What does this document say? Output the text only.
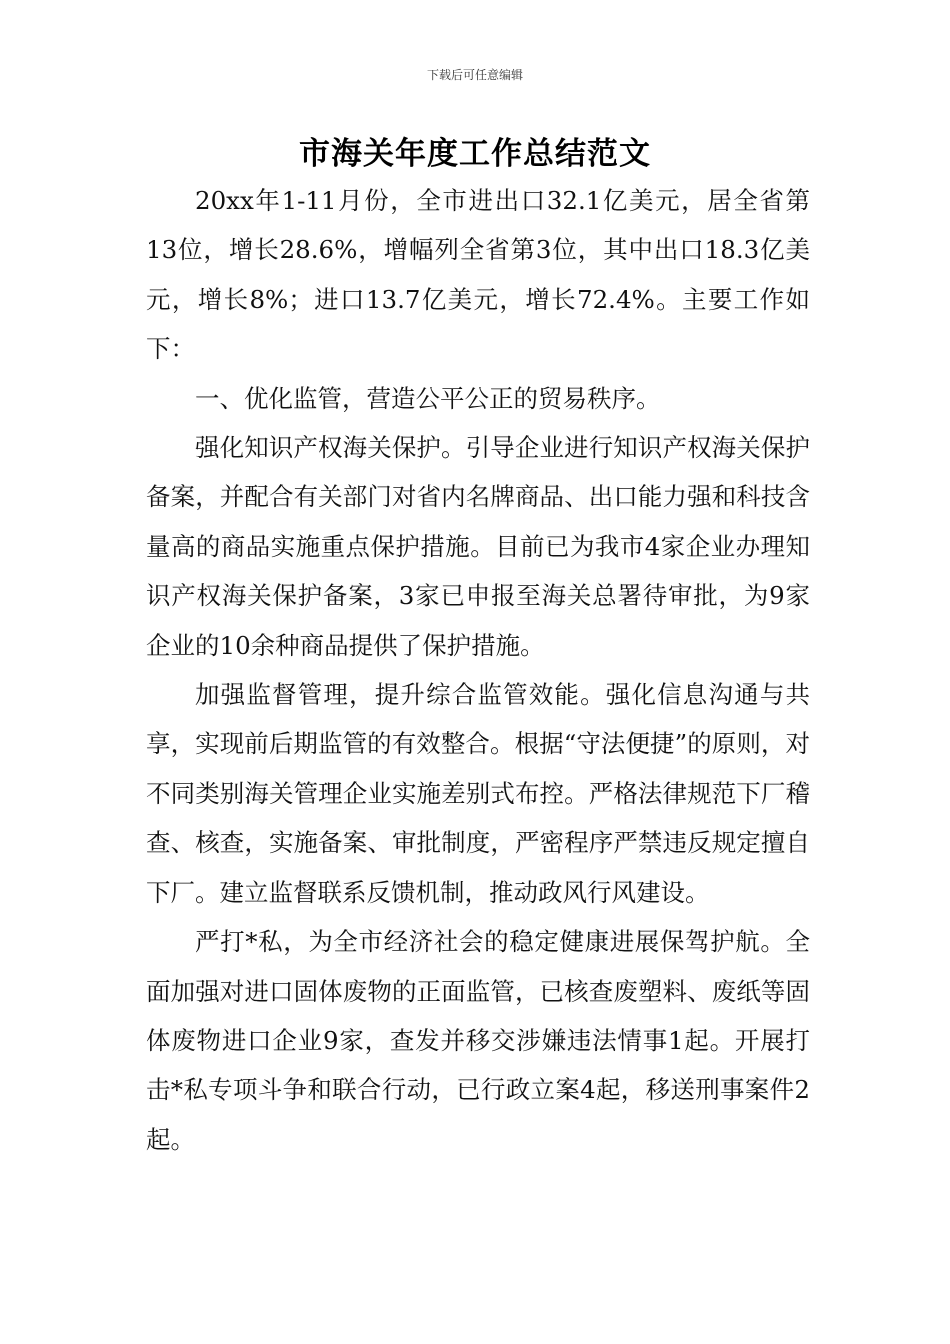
下载后可任意编辑
市海关年度工作总结范文

20xx年1-11月份，全市进出口32.1亿美元，居全省第13位，增长28.6%，增幅列全省第3位，其中出口18.3亿美元，增长8%；进口13.7亿美元，增长72.4%。主要工作如下：

一、优化监管，营造公平公正的贸易秩序。

强化知识产权海关保护。引导企业进行知识产权海关保护备案，并配合有关部门对省内名牌商品、出口能力强和科技含量高的商品实施重点保护措施。目前已为我市4家企业办理知识产权海关保护备案，3家已申报至海关总署待审批，为9家企业的10余种商品提供了保护措施。

加强监督管理，提升综合监管效能。强化信息沟通与共享，实现前后期监管的有效整合。根据“守法便捷”的原则，对不同类别海关管理企业实施差别式布控。严格法律规范下厂稽查、核查，实施备案、审批制度，严密程序严禁违反规定擅自下厂。建立监督联系反馈机制，推动政风行风建设。

严打*私，为全市经济社会的稳定健康进展保驾护航。全面加强对进口固体废物的正面监管，已核查废塑料、废纸等固体废物进口企业9家，查发并移交涉嫌违法情事1起。开展打击*私专项斗争和联合行动，已行政立案4起，移送刑事案件2起。
